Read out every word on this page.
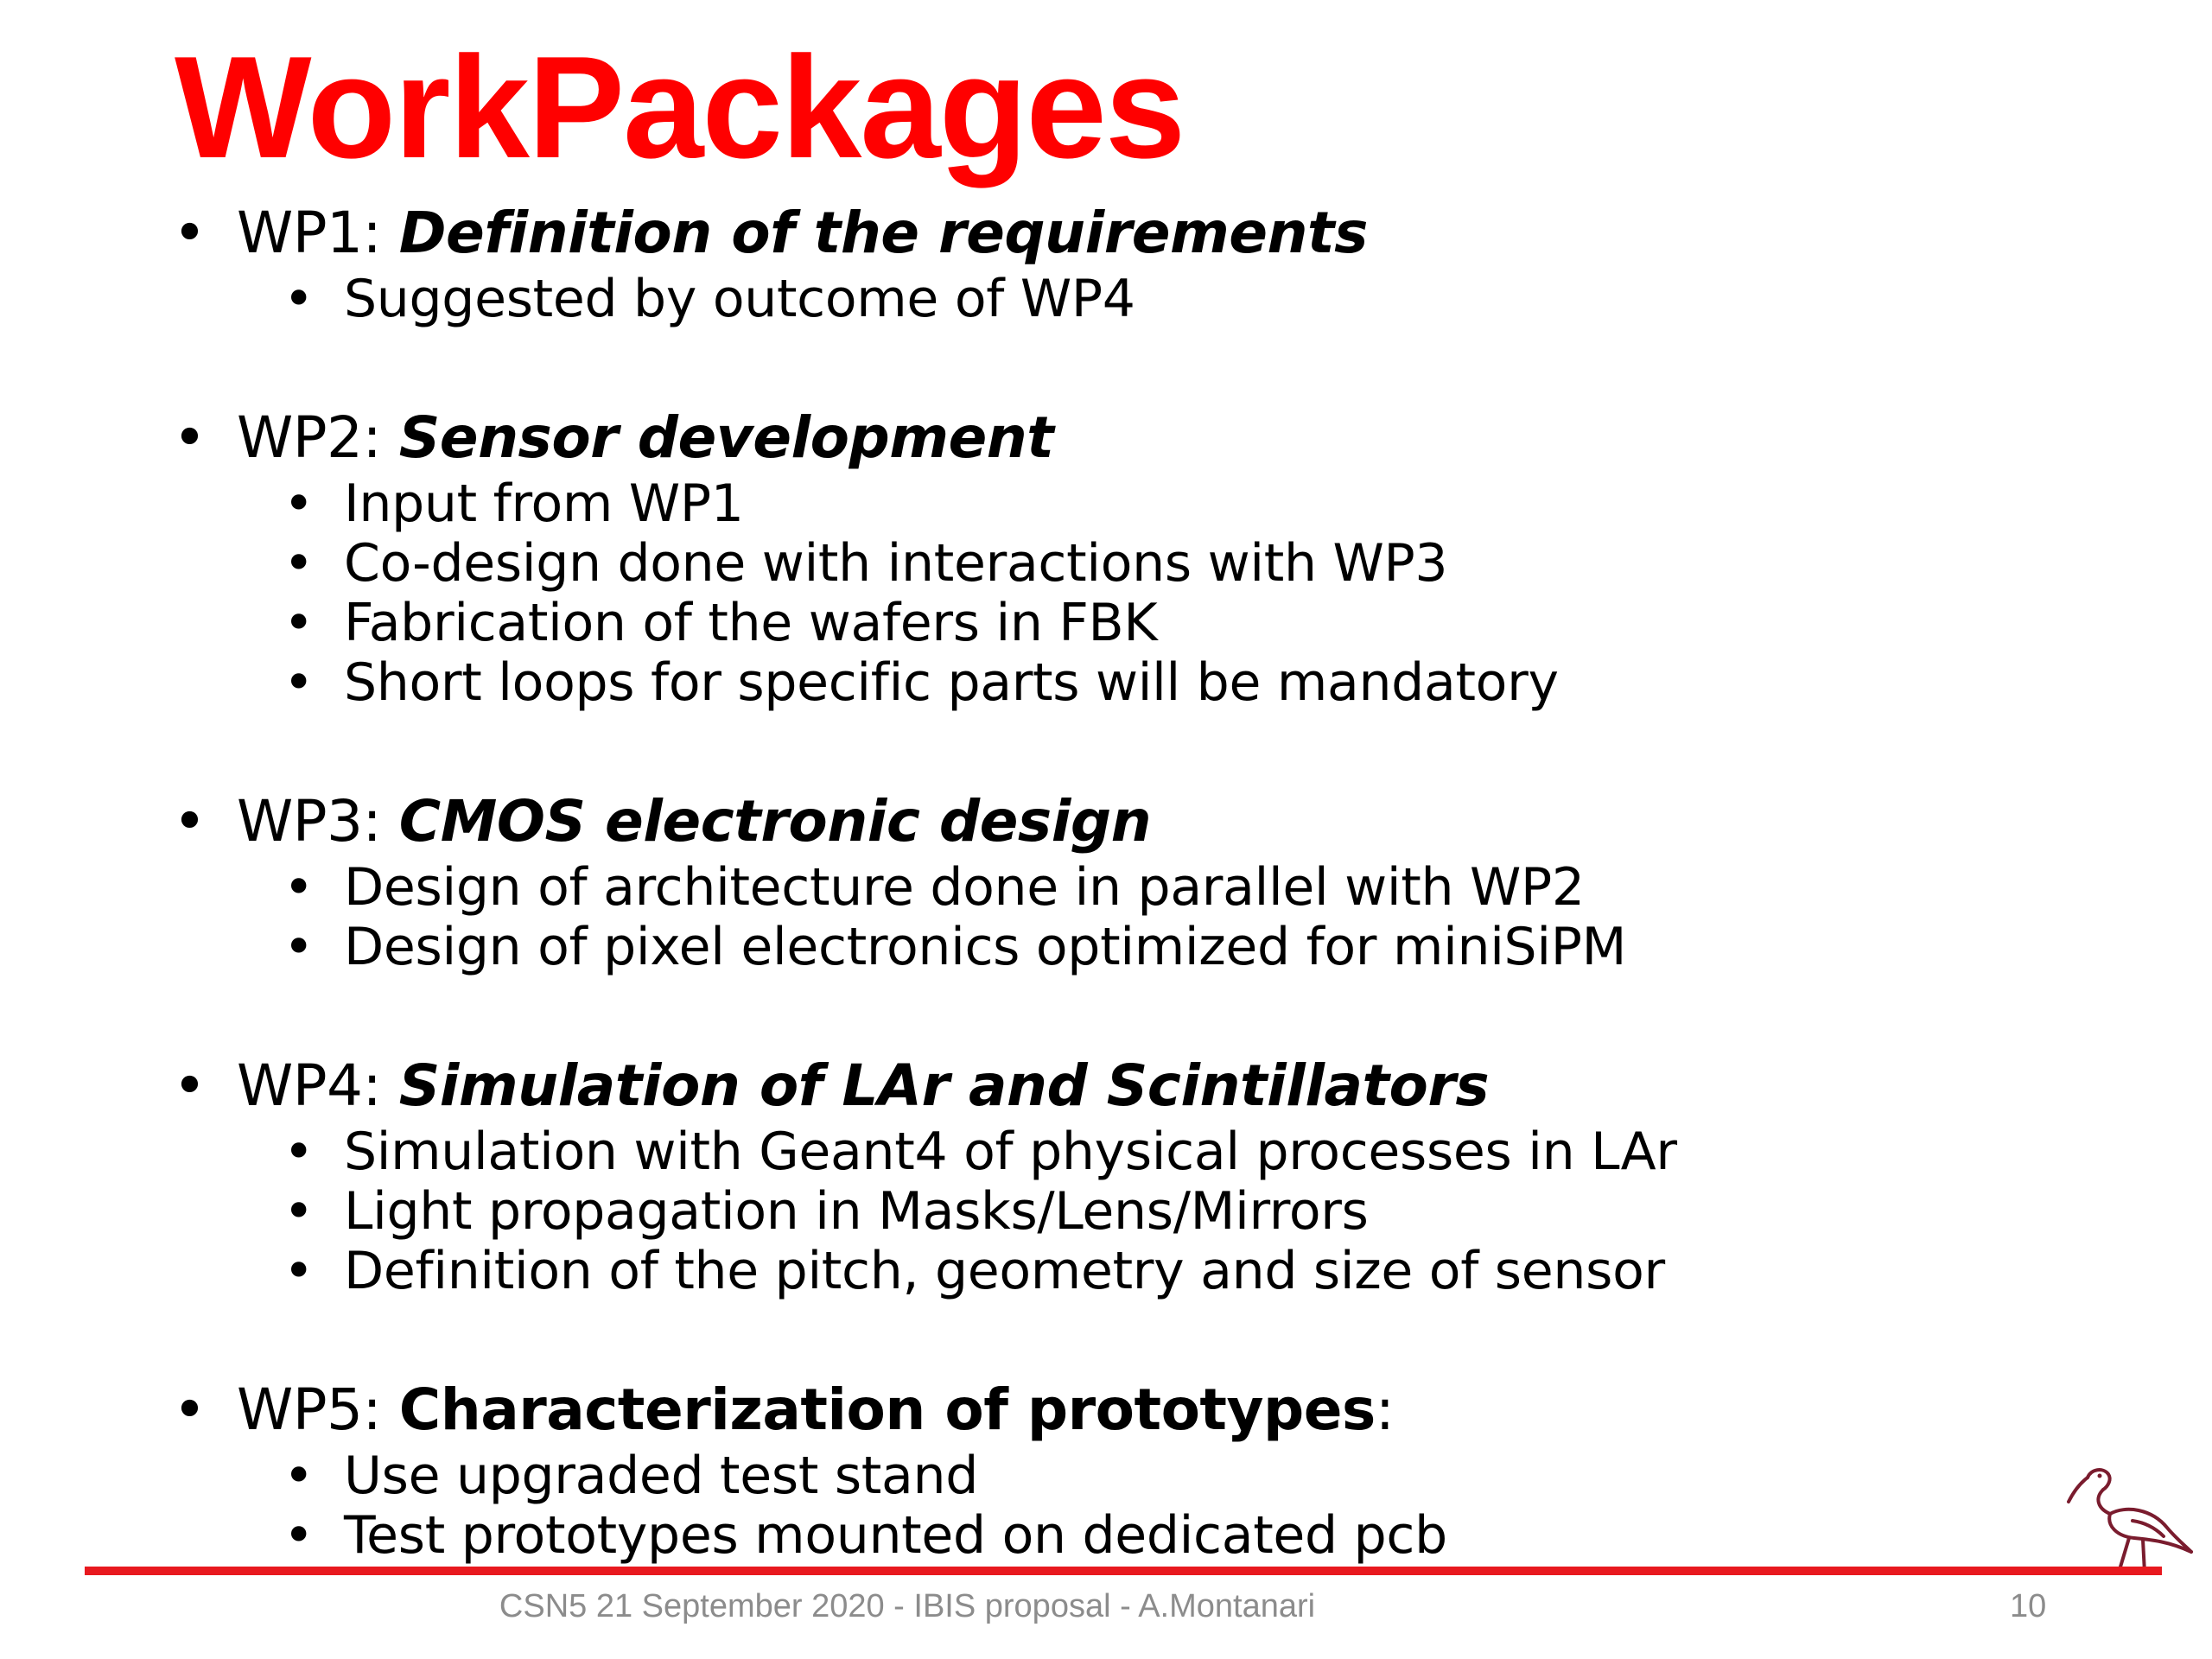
WorkPackages
• WP1: Definition of the requirements
• Suggested by outcome of WP4
• WP2: Sensor development
• Input from WP1
• Co-design done with interactions with WP3
• Fabrication of the wafers in FBK
• Short loops for specific parts will be mandatory
• WP3: CMOS electronic design
• Design of architecture done in parallel with WP2
• Design of pixel electronics optimized for miniSiPM
• WP4: Simulation of LAr and Scintillators
• Simulation with Geant4 of physical processes in LAr
• Light propagation in Masks/Lens/Mirrors
• Definition of the pitch, geometry and size of sensor
• WP5: Characterization of prototypes:
• Use upgraded test stand
• Test prototypes mounted on dedicated pcb
CSN5 21 September 2020 - IBIS proposal - A.Montanari	10
